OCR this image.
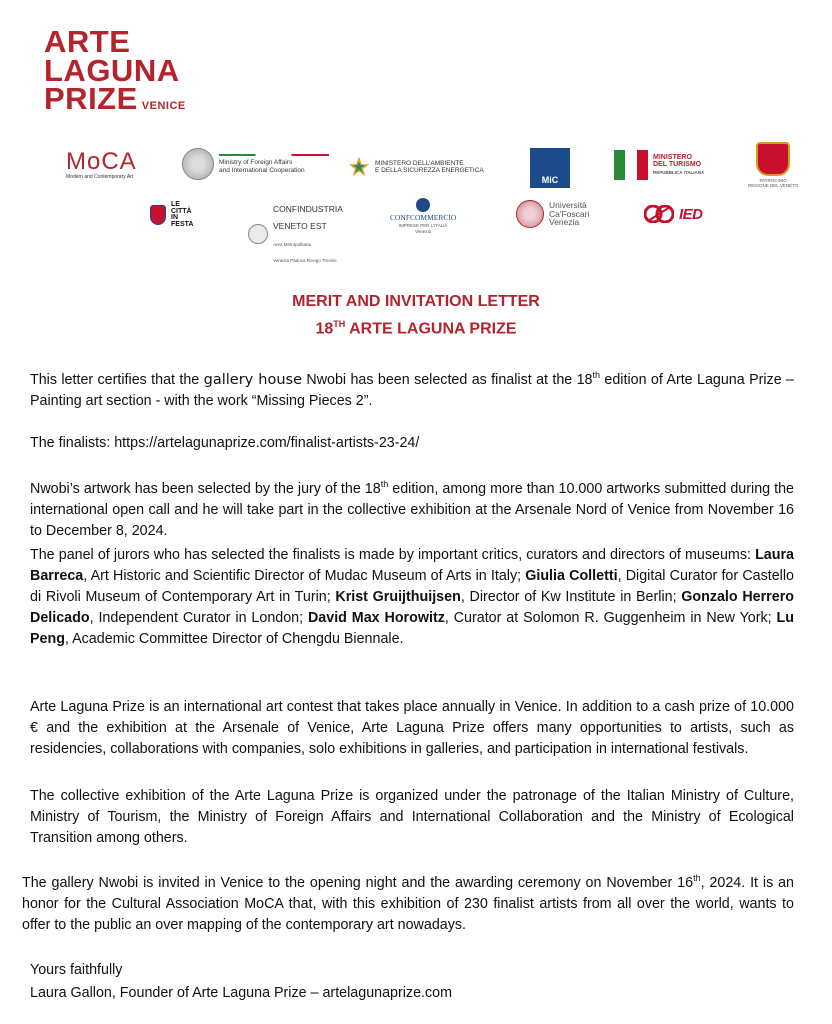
ARTE
LAGUNA
PRIZE VENICE
MoCA
Modern and Contemporary Art
Ministry of Foreign Affairs
and International Cooperation
MINISTERO DELL'AMBIENTE
E DELLA SICUREZZA ENERGETICA
MiC
MINISTERO
DEL TURISMO
REPUBBLICA ITALIANA
PATROCINIO
REGIONE DEL VENETO
LE
CITTÀ
IN
FESTA
CONFINDUSTRIA
VENETO EST
Area Metropolitana
Venezia Padova Rovigo Treviso
CONFCOMMERCIO
IMPRESE PER L'ITALIA
Venezia
Università
Ca'Foscari
Venezia	IED
MERIT AND INVITATION LETTER
18TH ARTE LAGUNA PRIZE

This letter certifies that the gallery house Nwobi has been selected as finalist at the 18th edition of Arte Laguna Prize – Painting art section - with the work “Missing Pieces 2”.

The finalists: https://artelagunaprize.com/finalist-artists-23-24/

Nwobi’s artwork has been selected by the jury of the 18th edition, among more than 10.000 artworks submitted during the international open call and he will take part in the collective exhibition at the Arsenale Nord of Venice from November 16 to December 8, 2024.

The panel of jurors who has selected the finalists is made by important critics, curators and directors of museums: Laura Barreca, Art Historic and Scientific Director of Mudac Museum of Arts in Italy; Giulia Colletti, Digital Curator for Castello di Rivoli Museum of Contemporary Art in Turin; Krist Gruijthuijsen, Director of Kw Institute in Berlin; Gonzalo Herrero Delicado, Independent Curator in London; David Max Horowitz, Curator at Solomon R. Guggenheim in New York; Lu Peng, Academic Committee Director of Chengdu Biennale.

Arte Laguna Prize is an international art contest that takes place annually in Venice. In addition to a cash prize of 10.000 € and the exhibition at the Arsenale of Venice, Arte Laguna Prize offers many opportunities to artists, such as residencies, collaborations with companies, solo exhibitions in galleries, and participation in international festivals.

The collective exhibition of the Arte Laguna Prize is organized under the patronage of the Italian Ministry of Culture, Ministry of Tourism, the Ministry of Foreign Affairs and International Collaboration and the Ministry of Ecological Transition among others.

The gallery Nwobi is invited in Venice to the opening night and the awarding ceremony on November 16th, 2024. It is an honor for the Cultural Association MoCA that, with this exhibition of 230 finalist artists from all over the world, wants to offer to the public an over mapping of the contemporary art nowadays.

Yours faithfully

Laura Gallon, Founder of Arte Laguna Prize – artelagunaprize.com
